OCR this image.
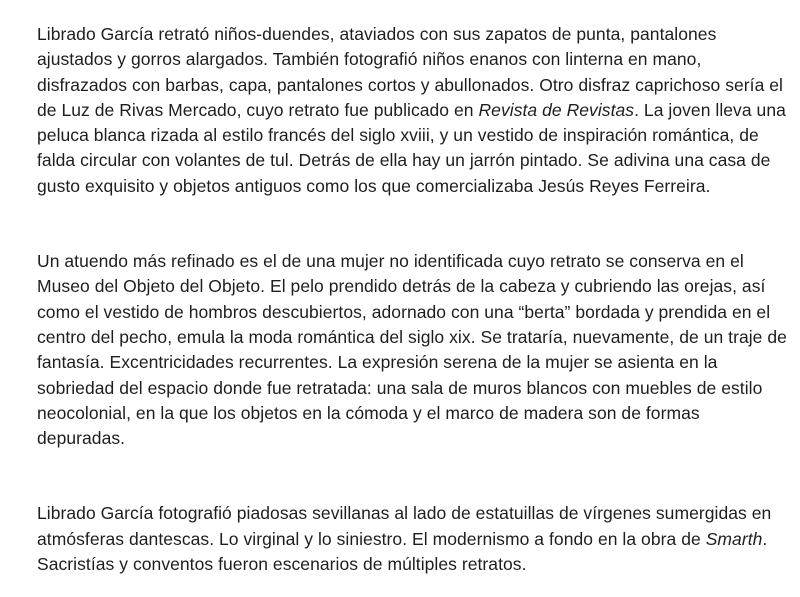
Librado García retrató niños-duendes, ataviados con sus zapatos de punta, pantalones ajustados y gorros alargados. También fotografió niños enanos con linterna en mano, disfrazados con barbas, capa, pantalones cortos y abullonados. Otro disfraz caprichoso sería el de Luz de Rivas Mercado, cuyo retrato fue publicado en Revista de Revistas. La joven lleva una peluca blanca rizada al estilo francés del siglo xviii, y un vestido de inspiración romántica, de falda circular con volantes de tul. Detrás de ella hay un jarrón pintado. Se adivina una casa de gusto exquisito y objetos antiguos como los que comercializaba Jesús Reyes Ferreira.

Un atuendo más refinado es el de una mujer no identificada cuyo retrato se conserva en el Museo del Objeto del Objeto. El pelo prendido detrás de la cabeza y cubriendo las orejas, así como el vestido de hombros descubiertos, adornado con una “berta” bordada y prendida en el centro del pecho, emula la moda romántica del siglo xix. Se trataría, nuevamente, de un traje de fantasía. Excentricidades recurrentes. La expresión serena de la mujer se asienta en la sobriedad del espacio donde fue retratada: una sala de muros blancos con muebles de estilo neocolonial, en la que los objetos en la cómoda y el marco de madera son de formas depuradas.

Librado García fotografió piadosas sevillanas al lado de estatuillas de vírgenes sumergidas en atmósferas dantescas. Lo virginal y lo siniestro. El modernismo a fondo en la obra de Smarth. Sacristías y conventos fueron escenarios de múltiples retratos.
